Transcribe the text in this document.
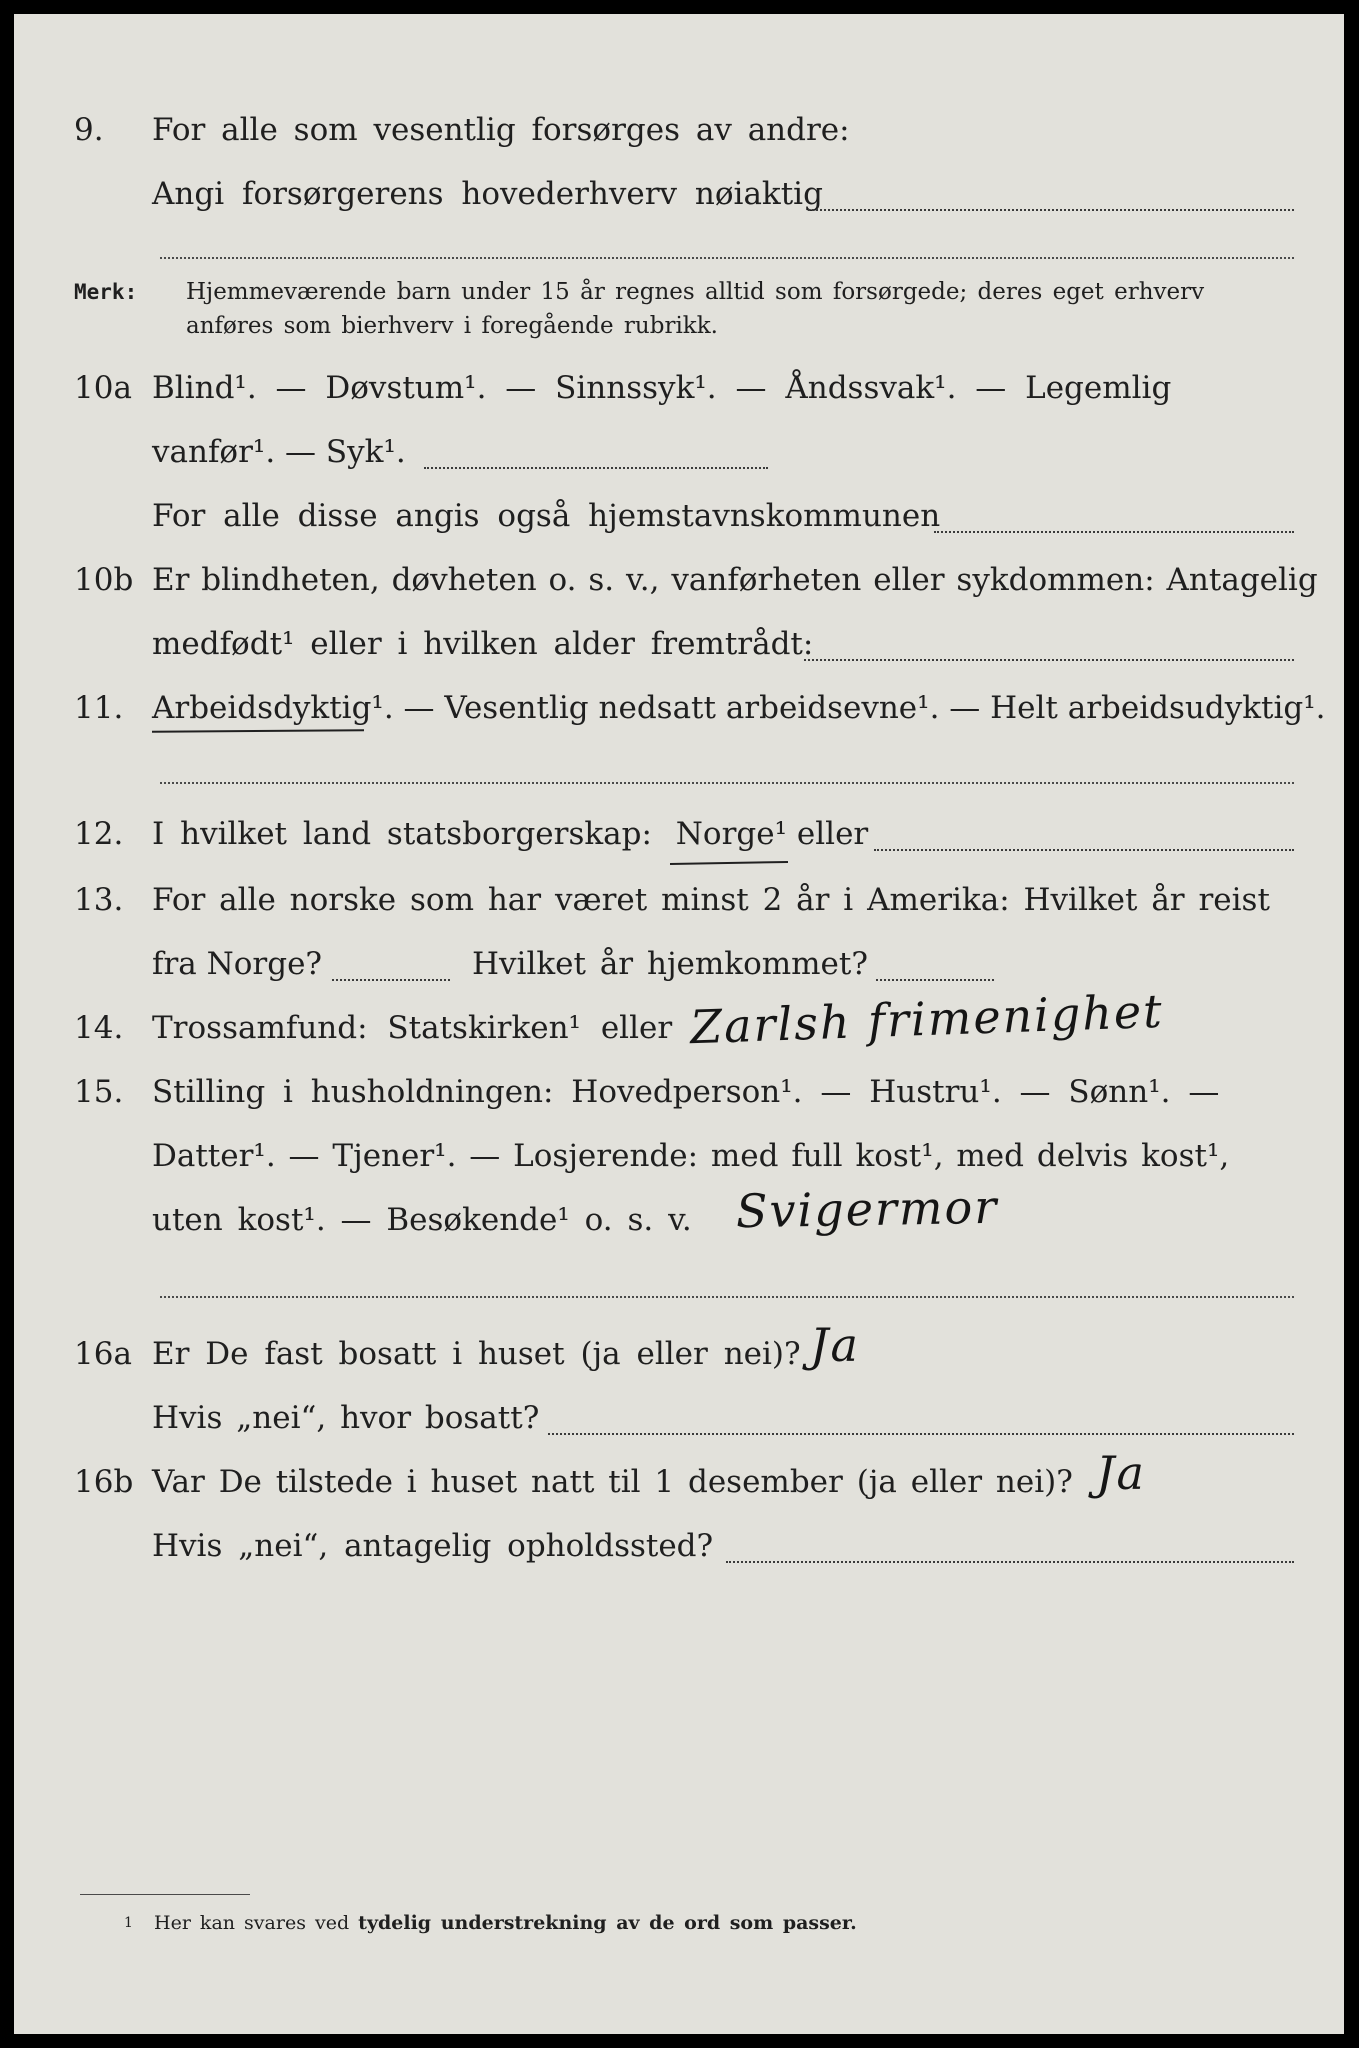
9. For alle som vesentlig forsørges av andre:
Angi forsørgerens hovederhverv nøiaktig
Merk: Hjemmeværende barn under 15 år regnes alltid som forsørgede; deres eget erhverv
anføres som bierhverv i foregående rubrikk.
10a Blind¹. — Døvstum¹. — Sinnssyk¹. — Åndssvak¹. — Legemlig
vanfør¹. — Syk¹.
For alle disse angis også hjemstavnskommunen
10b Er blindheten, døvheten o. s. v., vanførheten eller sykdommen: Antagelig
medfødt¹ eller i hvilken alder fremtrådt:
11. Arbeidsdyktig¹. — Vesentlig nedsatt arbeidsevne¹. — Helt arbeidsudyktig¹.
12. I hvilket land statsborgerskap: Norge¹ eller
13. For alle norske som har været minst 2 år i Amerika: Hvilket år reist
fra Norge?	Hvilket år hjemkommet?
14. Trossamfund: Statskirken¹ eller Zarlsh frimenighet
15. Stilling i husholdningen: Hovedperson¹. — Hustru¹. — Sønn¹. —
Datter¹. — Tjener¹. — Losjerende: med full kost¹, med delvis kost¹,
uten kost¹. — Besøkende¹ o. s. v. Svigermor
16a Er De fast bosatt i huset (ja eller nei)? Ja
Hvis „nei“, hvor bosatt?
16b Var De tilstede i huset natt til 1 desember (ja eller nei)? Ja
Hvis „nei“, antagelig opholdssted?
1 Her kan svares ved tydelig understrekning av de ord som passer.
